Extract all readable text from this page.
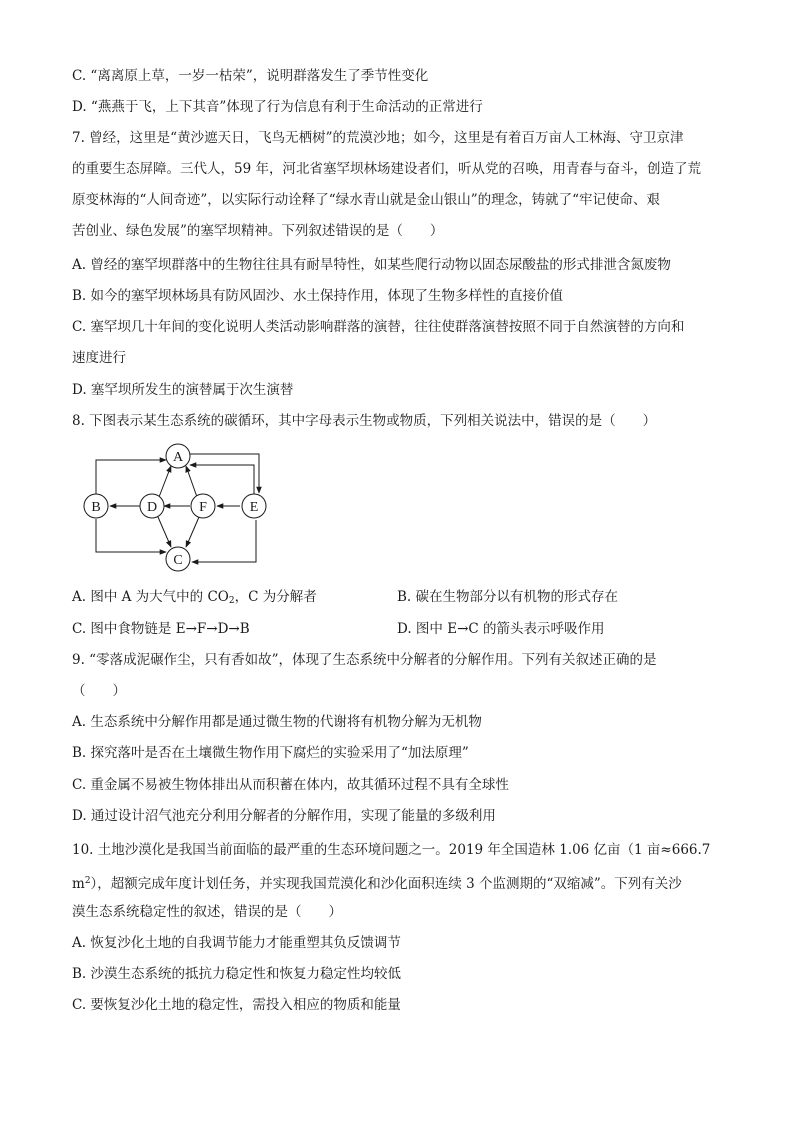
C. “离离原上草，一岁一枯荣”，说明群落发生了季节性变化
D. “燕燕于飞，上下其音”体现了行为信息有利于生命活动的正常进行
7. 曾经，这里是“黄沙遮天日，飞鸟无栖树”的荒漠沙地；如今，这里是有着百万亩人工林海、守卫京津
的重要生态屏障。三代人，59 年，河北省塞罕坝林场建设者们，听从党的召唤，用青春与奋斗，创造了荒
原变林海的“人间奇迹”，以实际行动诠释了“绿水青山就是金山银山”的理念，铸就了“牢记使命、艰
苦创业、绿色发展”的塞罕坝精神。下列叙述错误的是（　　）
A. 曾经的塞罕坝群落中的生物往往具有耐旱特性，如某些爬行动物以固态尿酸盐的形式排泄含氮废物
B. 如今的塞罕坝林场具有防风固沙、水土保持作用，体现了生物多样性的直接价值
C. 塞罕坝几十年间的变化说明人类活动影响群落的演替，往往使群落演替按照不同于自然演替的方向和
速度进行
D. 塞罕坝所发生的演替属于次生演替
8. 下图表示某生态系统的碳循环，其中字母表示生物或物质，下列相关说法中，错误的是（　　）
A
B
C
D	E
F
A. 图中 A 为大气中的 $CO_2$，C 为分解者	B. 碳在生物部分以有机物的形式存在
C. 图中食物链是 E→F→D→B	D. 图中 E→C 的箭头表示呼吸作用
9. “零落成泥碾作尘，只有香如故”，体现了生态系统中分解者的分解作用。下列有关叙述正确的是
（　　）
A. 生态系统中分解作用都是通过微生物的代谢将有机物分解为无机物
B. 探究落叶是否在土壤微生物作用下腐烂的实验采用了“加法原理”
C. 重金属不易被生物体排出从而积蓄在体内，故其循环过程不具有全球性
D. 通过设计沼气池充分利用分解者的分解作用，实现了能量的多级利用
10. 土地沙漠化是我国当前面临的最严重的生态环境问题之一。2019 年全国造林 1.06 亿亩（1 亩≈666.7
$m^2$），超额完成年度计划任务，并实现我国荒漠化和沙化面积连续 3 个监测期的“双缩减”。下列有关沙
漠生态系统稳定性的叙述，错误的是（　　）
A. 恢复沙化土地的自我调节能力才能重塑其负反馈调节
B. 沙漠生态系统的抵抗力稳定性和恢复力稳定性均较低
C. 要恢复沙化土地的稳定性，需投入相应的物质和能量
